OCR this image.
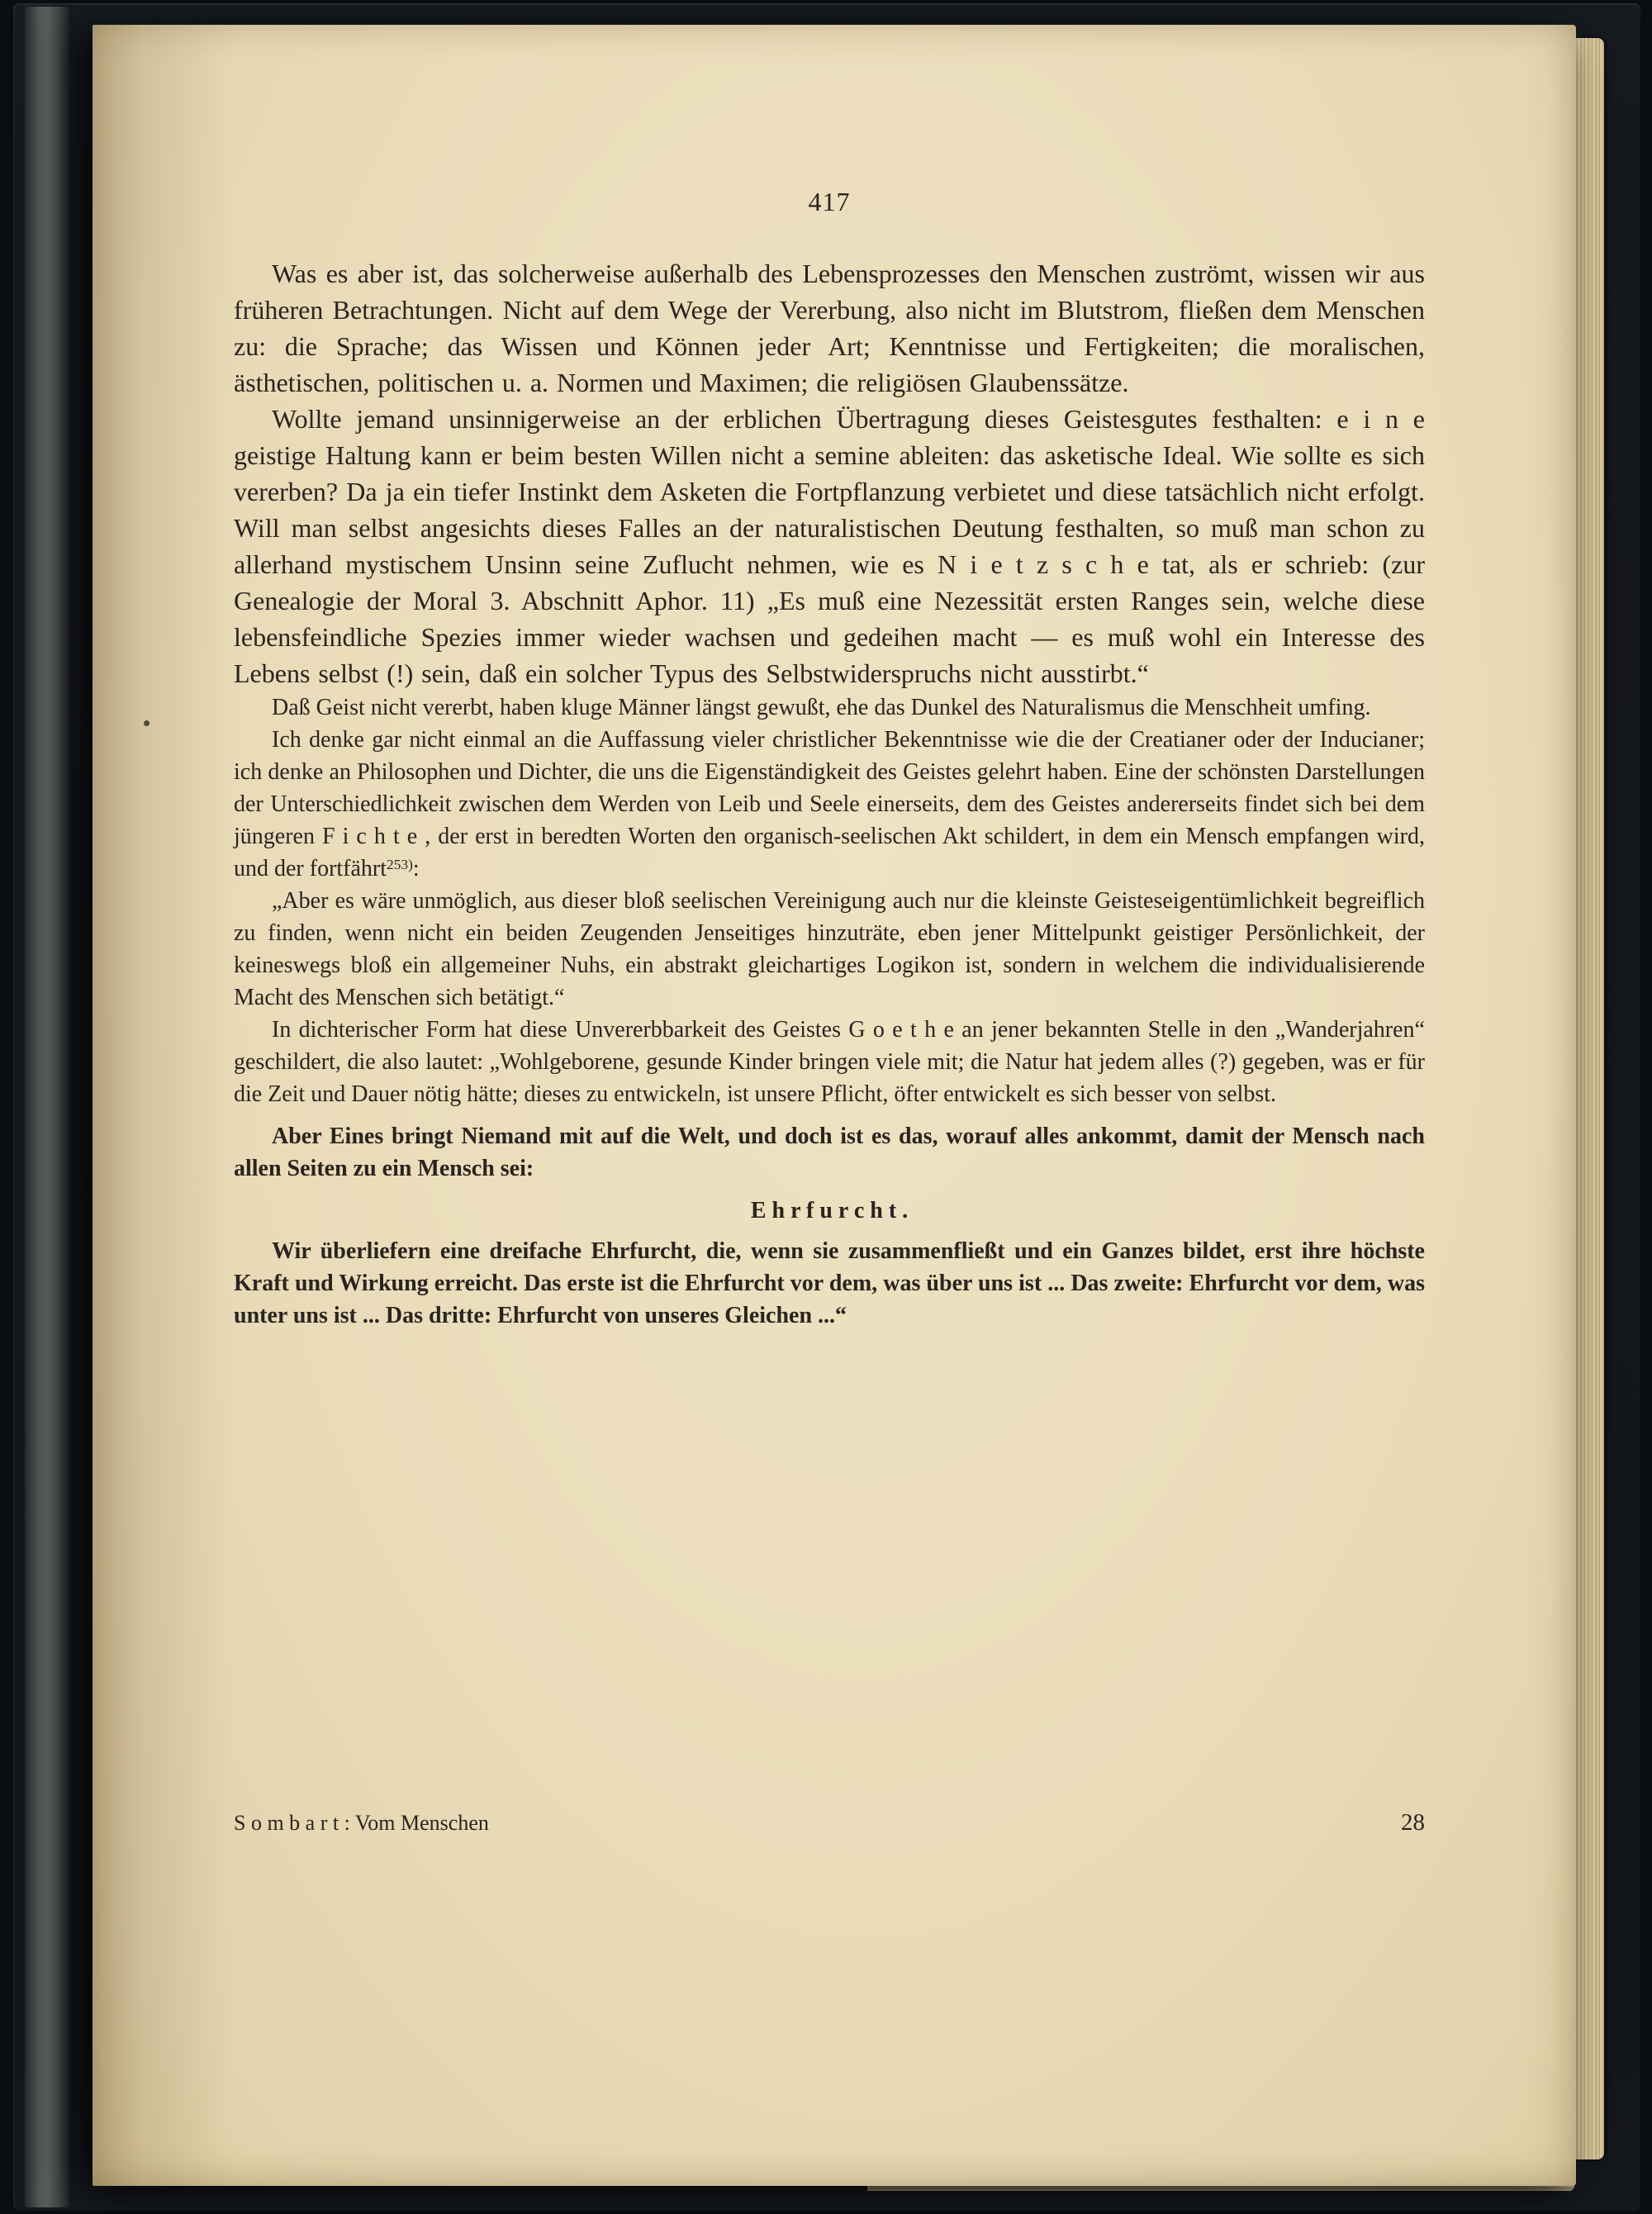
417

Was es aber ist, das solcherweise außerhalb des Lebensprozesses den Menschen zuströmt, wissen wir aus früheren Betrachtungen. Nicht auf dem Wege der Vererbung, also nicht im Blutstrom, fließen dem Menschen zu: die Sprache; das Wissen und Können jeder Art; Kenntnisse und Fertigkeiten; die moralischen, ästhetischen, politischen u. a. Normen und Maximen; die religiösen Glaubenssätze.

Wollte jemand unsinnigerweise an der erblichen Übertragung dieses Geistesgutes festhalten: e i n e geistige Haltung kann er beim besten Willen nicht a semine ableiten: das asketische Ideal. Wie sollte es sich vererben? Da ja ein tiefer Instinkt dem Asketen die Fortpflanzung verbietet und diese tatsächlich nicht erfolgt. Will man selbst angesichts dieses Falles an der naturalistischen Deutung festhalten, so muß man schon zu allerhand mystischem Unsinn seine Zuflucht nehmen, wie es N i e t z s c h e tat, als er schrieb: (zur Genealogie der Moral 3. Abschnitt Aphor. 11) „Es muß eine Nezessität ersten Ranges sein, welche diese lebensfeindliche Spezies immer wieder wachsen und gedeihen macht — es muß wohl ein Interesse des Lebens selbst (!) sein, daß ein solcher Typus des Selbstwiderspruchs nicht ausstirbt.“

Daß Geist nicht vererbt, haben kluge Männer längst gewußt, ehe das Dunkel des Naturalismus die Menschheit umfing.

Ich denke gar nicht einmal an die Auffassung vieler christlicher Bekenntnisse wie die der Creatianer oder der Inducianer; ich denke an Philosophen und Dichter, die uns die Eigenständigkeit des Geistes gelehrt haben. Eine der schönsten Darstellungen der Unterschiedlichkeit zwischen dem Werden von Leib und Seele einerseits, dem des Geistes andererseits findet sich bei dem jüngeren F i c h t e , der erst in beredten Worten den organisch-seelischen Akt schildert, in dem ein Mensch empfangen wird, und der fortfährt$^{253)}$:

„Aber es wäre unmöglich, aus dieser bloß seelischen Vereinigung auch nur die kleinste Geisteseigentümlichkeit begreiflich zu finden, wenn nicht ein beiden Zeugenden Jenseitiges hinzuträte, eben jener Mittelpunkt geistiger Persönlichkeit, der keineswegs bloß ein allgemeiner Nuhs, ein abstrakt gleichartiges Logikon ist, sondern in welchem die individualisierende Macht des Menschen sich betätigt.“

In dichterischer Form hat diese Unvererbbarkeit des Geistes G o e t h e an jener bekannten Stelle in den „Wanderjahren“ geschildert, die also lautet: „Wohlgeborene, gesunde Kinder bringen viele mit; die Natur hat jedem alles (?) gegeben, was er für die Zeit und Dauer nötig hätte; dieses zu entwickeln, ist unsere Pflicht, öfter entwickelt es sich besser von selbst.

Aber Eines bringt Niemand mit auf die Welt, und doch ist es das, worauf alles ankommt, damit der Mensch nach allen Seiten zu ein Mensch sei:

E h r f u r c h t .

Wir überliefern eine dreifache Ehrfurcht, die, wenn sie zusammenfließt und ein Ganzes bildet, erst ihre höchste Kraft und Wirkung erreicht. Das erste ist die Ehrfurcht vor dem, was über uns ist ... Das zweite: Ehrfurcht vor dem, was unter uns ist ... Das dritte: Ehrfurcht von unseres Gleichen ...“

S o m b a r t : Vom Menschen	28
